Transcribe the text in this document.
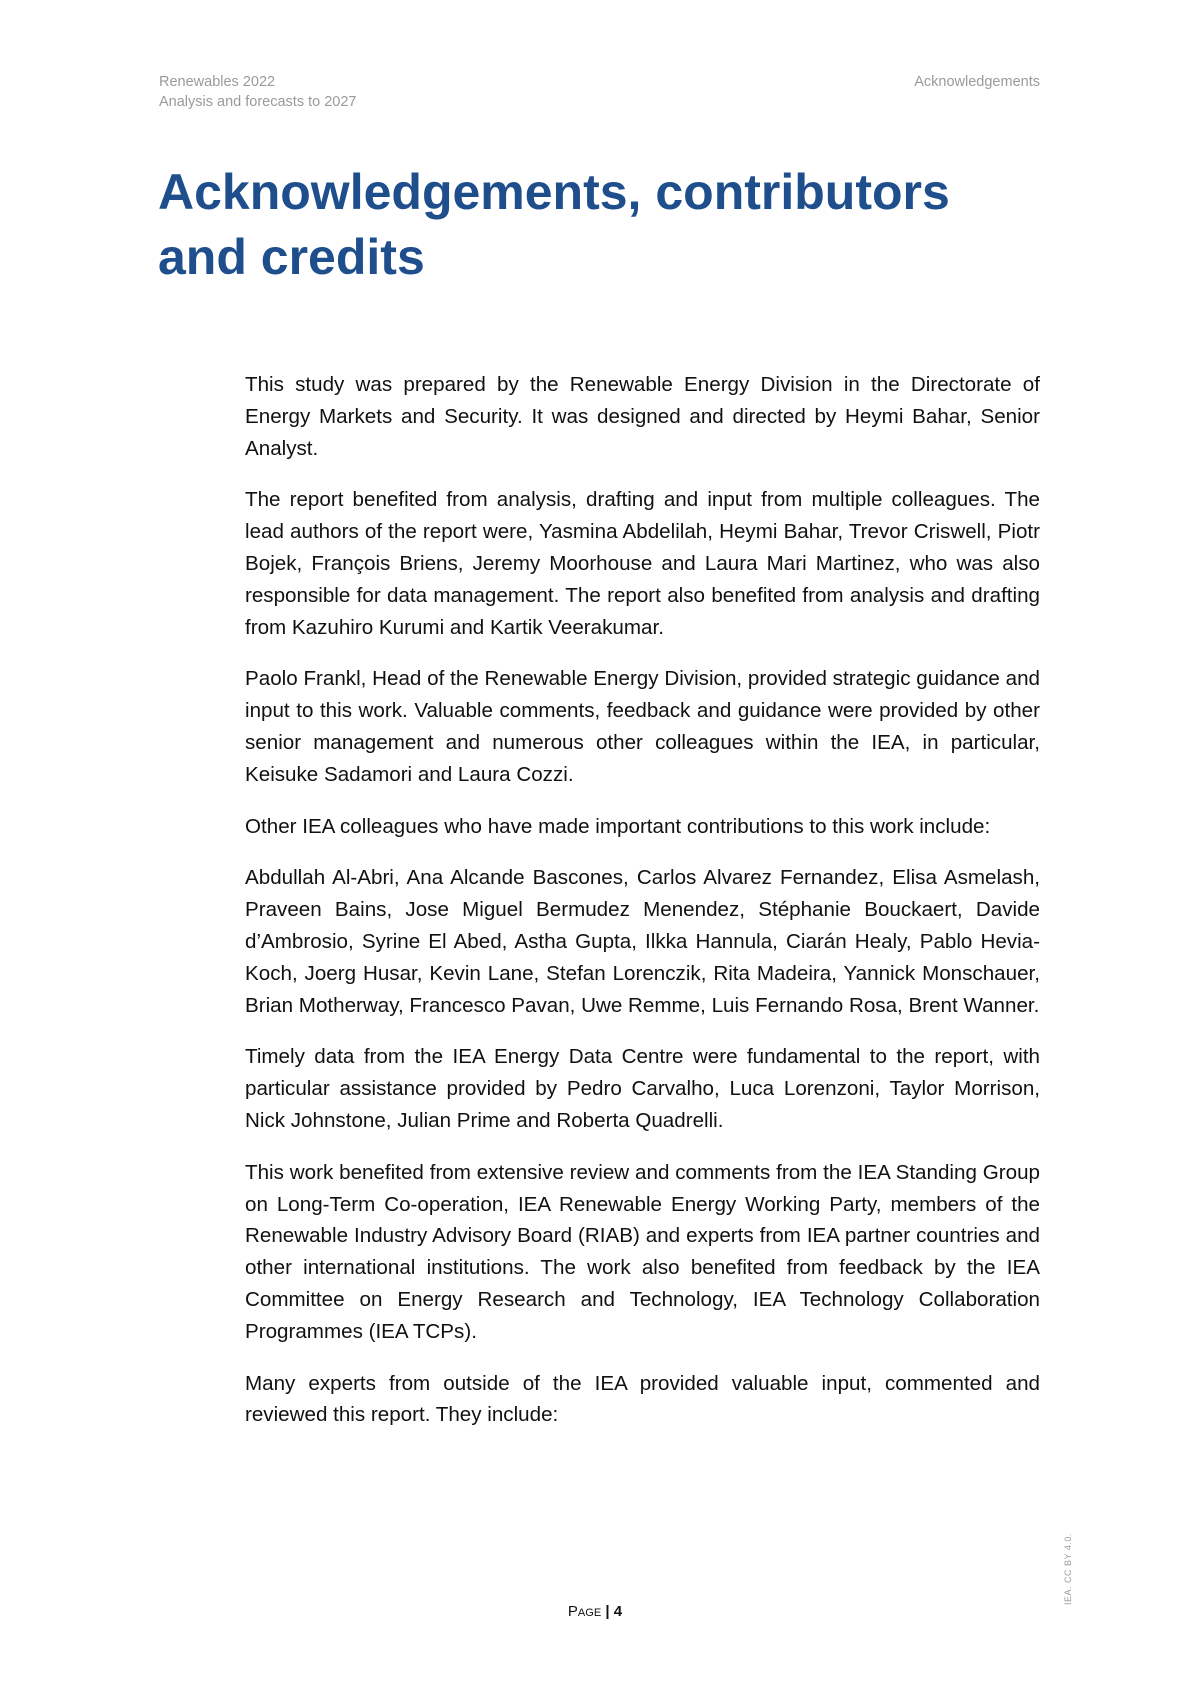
Renewables 2022
Analysis and forecasts to 2027
Acknowledgements
Acknowledgements, contributors
and credits

This study was prepared by the Renewable Energy Division in the Directorate of Energy Markets and Security. It was designed and directed by Heymi Bahar, Senior Analyst.

The report benefited from analysis, drafting and input from multiple colleagues. The lead authors of the report were, Yasmina Abdelilah, Heymi Bahar, Trevor Criswell, Piotr Bojek, François Briens, Jeremy Moorhouse and Laura Mari Martinez, who was also responsible for data management. The report also benefited from analysis and drafting from Kazuhiro Kurumi and Kartik Veerakumar.

Paolo Frankl, Head of the Renewable Energy Division, provided strategic guidance and input to this work. Valuable comments, feedback and guidance were provided by other senior management and numerous other colleagues within the IEA, in particular, Keisuke Sadamori and Laura Cozzi.

Other IEA colleagues who have made important contributions to this work include:

Abdullah Al-Abri, Ana Alcande Bascones, Carlos Alvarez Fernandez, Elisa Asmelash, Praveen Bains, Jose Miguel Bermudez Menendez, Stéphanie Bouckaert, Davide d’Ambrosio, Syrine El Abed, Astha Gupta, Ilkka Hannula, Ciarán Healy, Pablo Hevia-Koch, Joerg Husar, Kevin Lane, Stefan Lorenczik, Rita Madeira, Yannick Monschauer, Brian Motherway, Francesco Pavan, Uwe Remme, Luis Fernando Rosa, Brent Wanner.

Timely data from the IEA Energy Data Centre were fundamental to the report, with particular assistance provided by Pedro Carvalho, Luca Lorenzoni, Taylor Morrison, Nick Johnstone, Julian Prime and Roberta Quadrelli.

This work benefited from extensive review and comments from the IEA Standing Group on Long-Term Co-operation, IEA Renewable Energy Working Party, members of the Renewable Industry Advisory Board (RIAB) and experts from IEA partner countries and other international institutions. The work also benefited from feedback by the IEA Committee on Energy Research and Technology, IEA Technology Collaboration Programmes (IEA TCPs).

Many experts from outside of the IEA provided valuable input, commented and reviewed this report. They include:

Page | 4
IEA. CC BY 4.0.
